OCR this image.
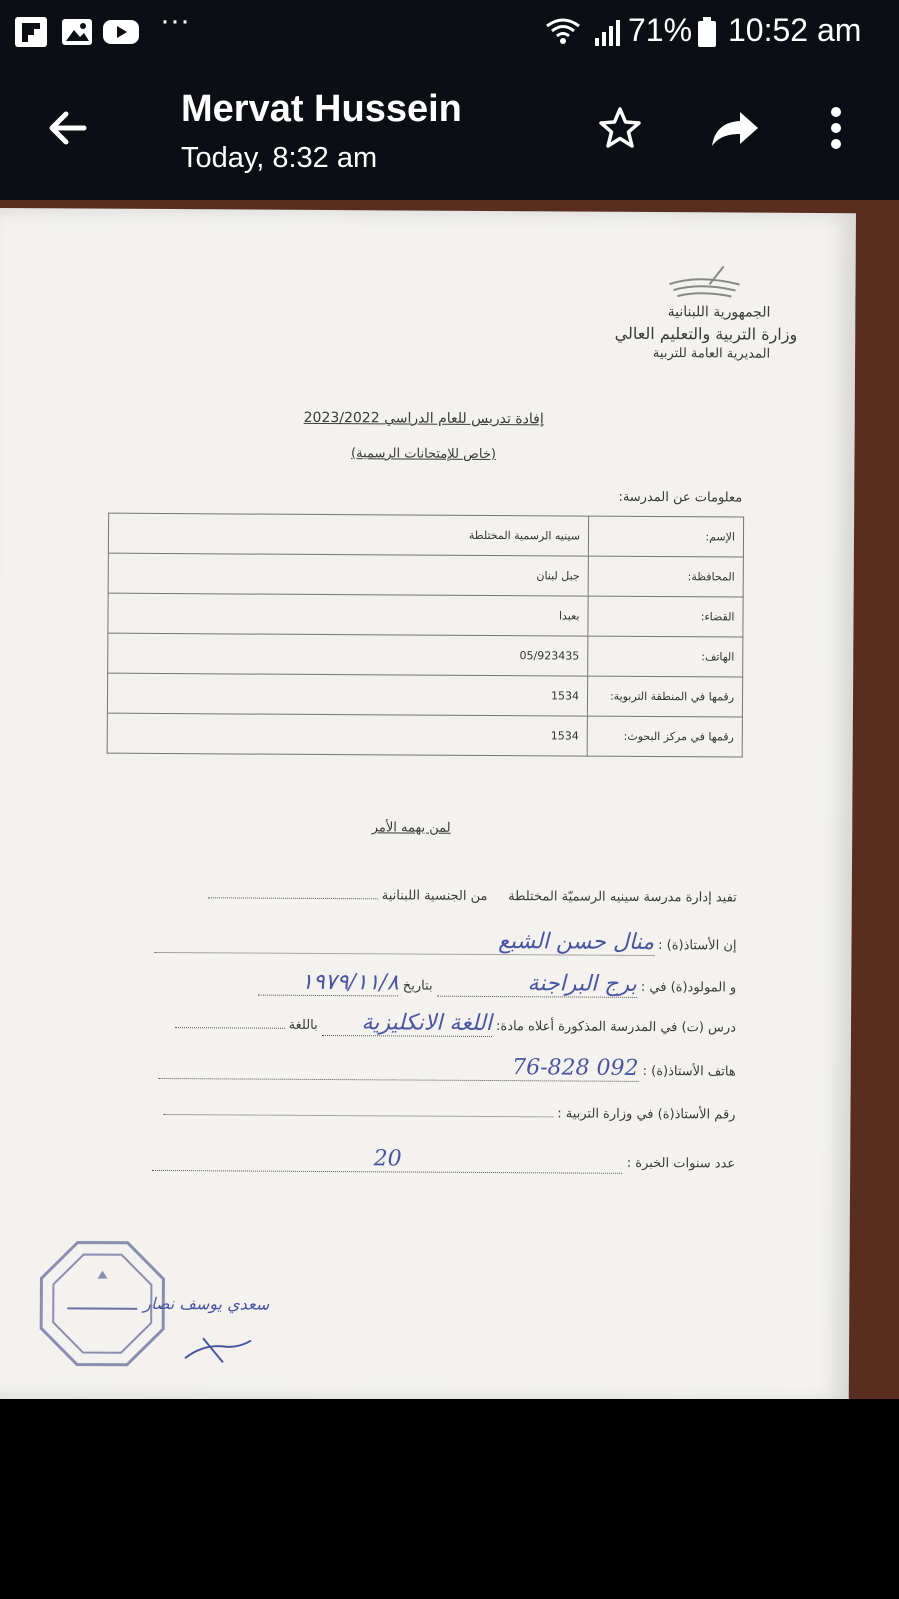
···	71% 10:52 am
Mervat Hussein
Today, 8:32 am
الجمهورية اللبنانية
وزارة التربية والتعليم العالي
المديرية العامة للتربية
إفادة تدريس للعام الدراسي 2023/2022
(خاص للإمتحانات الرسمية)
معلومات عن المدرسة:
الإسم:	سينيه الرسمية المختلطة
المحافظة:	جبل لبنان
القضاء:	بعبدا
الهاتف:	05/923435
رقمها في المنطقة التربوية:	1534
رقمها في مركز البحوث:	1534
لمن يهمه الأمر
تفيد إدارة مدرسة سينيه الرسميّة المختلطة     من الجنسية اللبنانية
إن الأستاذ(ة) : منال حسن الشبع
و المولود(ة) في : برج البراجنة بتاريخ ١٩٧٩/١١/٨
درس (ت) في المدرسة المذكورة أعلاه مادة: اللغة الانكليزية باللغة
هاتف الأستاذ(ة) : 76-828 092
رقم الأستاذ(ة) في وزارة التربية :
عدد سنوات الخبرة : 20
سعدي يوسف نصار
